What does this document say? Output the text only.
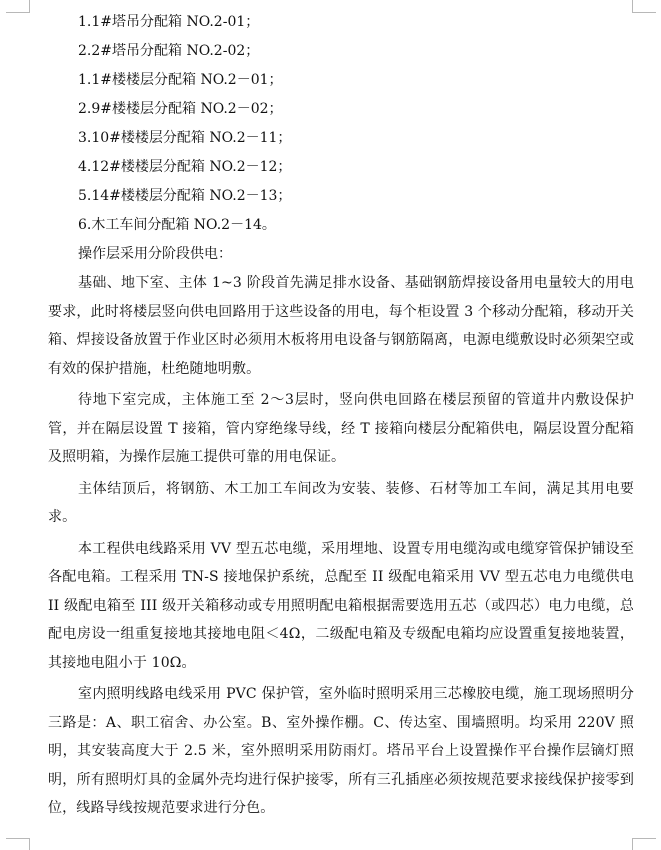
1.1#塔吊分配箱 NO.2-01；

2.2#塔吊分配箱 NO.2-02；

1.1#楼楼层分配箱 NO.2－01；

2.9#楼楼层分配箱 NO.2－02；

3.10#楼楼层分配箱 NO.2－11；

4.12#楼楼层分配箱 NO.2－12；

5.14#楼楼层分配箱 NO.2－13；

6.木工车间分配箱 NO.2－14。

操作层采用分阶段供电：

基础、地下室、主体 1~3 阶段首先满足排水设备、基础钢筋焊接设备用电量较大的用电要求，此时将楼层竖向供电回路用于这些设备的用电，每个柜设置 3 个移动分配箱，移动开关箱、焊接设备放置于作业区时必须用木板将用电设备与钢筋隔离，电源电缆敷设时必须架空或有效的保护措施，杜绝随地明敷。

待地下室完成，主体施工至 2～3层时，竖向供电回路在楼层预留的管道井内敷设保护管，并在隔层设置 T 接箱，管内穿绝缘导线，经 T 接箱向楼层分配箱供电，隔层设置分配箱及照明箱，为操作层施工提供可靠的用电保证。

主体结顶后，将钢筋、木工加工车间改为安装、装修、石材等加工车间，满足其用电要求。

本工程供电线路采用 VV 型五芯电缆，采用埋地、设置专用电缆沟或电缆穿管保护铺设至各配电箱。工程采用 TN-S 接地保护系统，总配至 II 级配电箱采用 VV 型五芯电力电缆供电 II 级配电箱至 III 级开关箱移动或专用照明配电箱根据需要选用五芯（或四芯）电力电缆，总配电房设一组重复接地其接地电阻＜4Ω，二级配电箱及专级配电箱均应设置重复接地装置，其接地电阻小于 10Ω。

室内照明线路电线采用 PVC 保护管，室外临时照明采用三芯橡胶电缆，施工现场照明分三路是：A、职工宿舍、办公室。B、室外操作棚。C、传达室、围墙照明。均采用 220V 照明，其安装高度大于 2.5 米，室外照明采用防雨灯。塔吊平台上设置操作平台操作层镝灯照明，所有照明灯具的金属外壳均进行保护接零，所有三孔插座必须按规范要求接线保护接零到位，线路导线按规范要求进行分色。
